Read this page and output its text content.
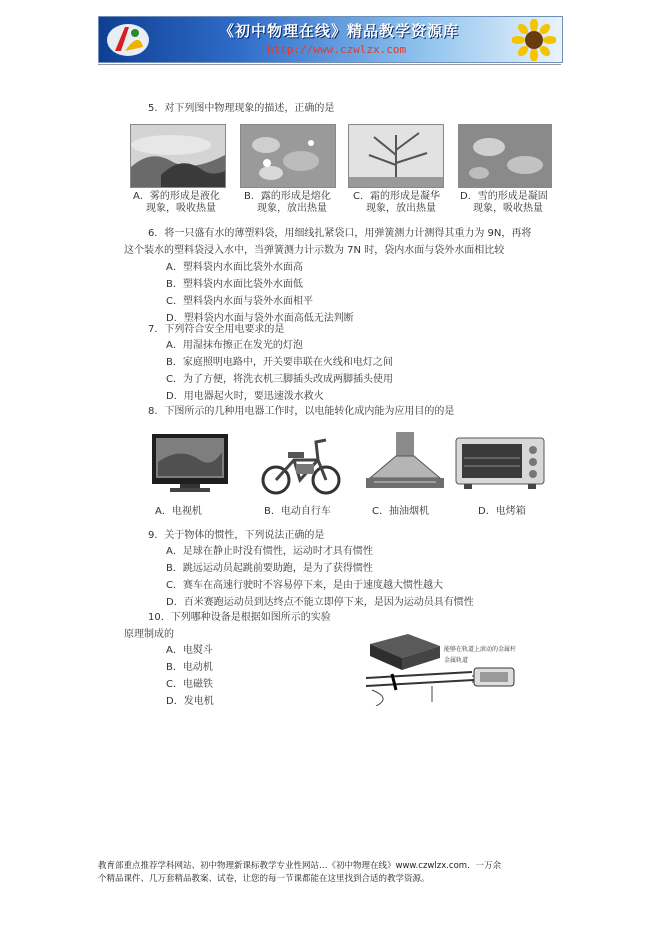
《初中物理在线》精品教学资源库
http://www.czwlzx.com
5．对下列图中物理现象的描述，正确的是
A．雾的形成是液化
现象，吸收热量
B．露的形成是熔化
现象，放出热量
C．霜的形成是凝华
现象，放出热量
D．雪的形成是凝固
现象，吸收热量
6．将一只盛有水的薄塑料袋，用细线扎紧袋口，用弹簧测力计测得其重力为 9N，再将
这个装水的塑料袋浸入水中，当弹簧测力计示数为 7N 时，袋内水面与袋外水面相比较
A．塑料袋内水面比袋外水面高
B．塑料袋内水面比袋外水面低
C．塑料袋内水面与袋外水面相平
D．塑料袋内水面与袋外水面高低无法判断
7．下列符合安全用电要求的是
A．用湿抹布擦正在发光的灯泡
B．家庭照明电路中，开关要串联在火线和电灯之间
C．为了方便，将洗衣机三脚插头改成两脚插头使用
D．用电器起火时，要迅速泼水救火
8．下图所示的几种用电器工作时，以电能转化成内能为应用目的的是
A．电视机	B．电动自行车	C．抽油烟机	D．电烤箱
9．关于物体的惯性，下列说法正确的是
A．足球在静止时没有惯性，运动时才具有惯性
B．跳远运动员起跳前要助跑，是为了获得惯性
C．赛车在高速行驶时不容易停下来，是由于速度越大惯性越大
D．百米赛跑运动员到达终点不能立即停下来，是因为运动员具有惯性
10．下列哪种设备是根据如图所示的实验
原理制成的
A．电熨斗
B．电动机
C．电磁铁
D．发电机
能够在轨道上滚动的金属杆
金属轨道
教育部重点推荐学科网站、初中物理新课标教学专业性网站…《初中物理在线》www.czwlzx.com．一万余
个精品课件、几万套精品教案、试卷，让您的每一节课都能在这里找到合适的教学资源。
